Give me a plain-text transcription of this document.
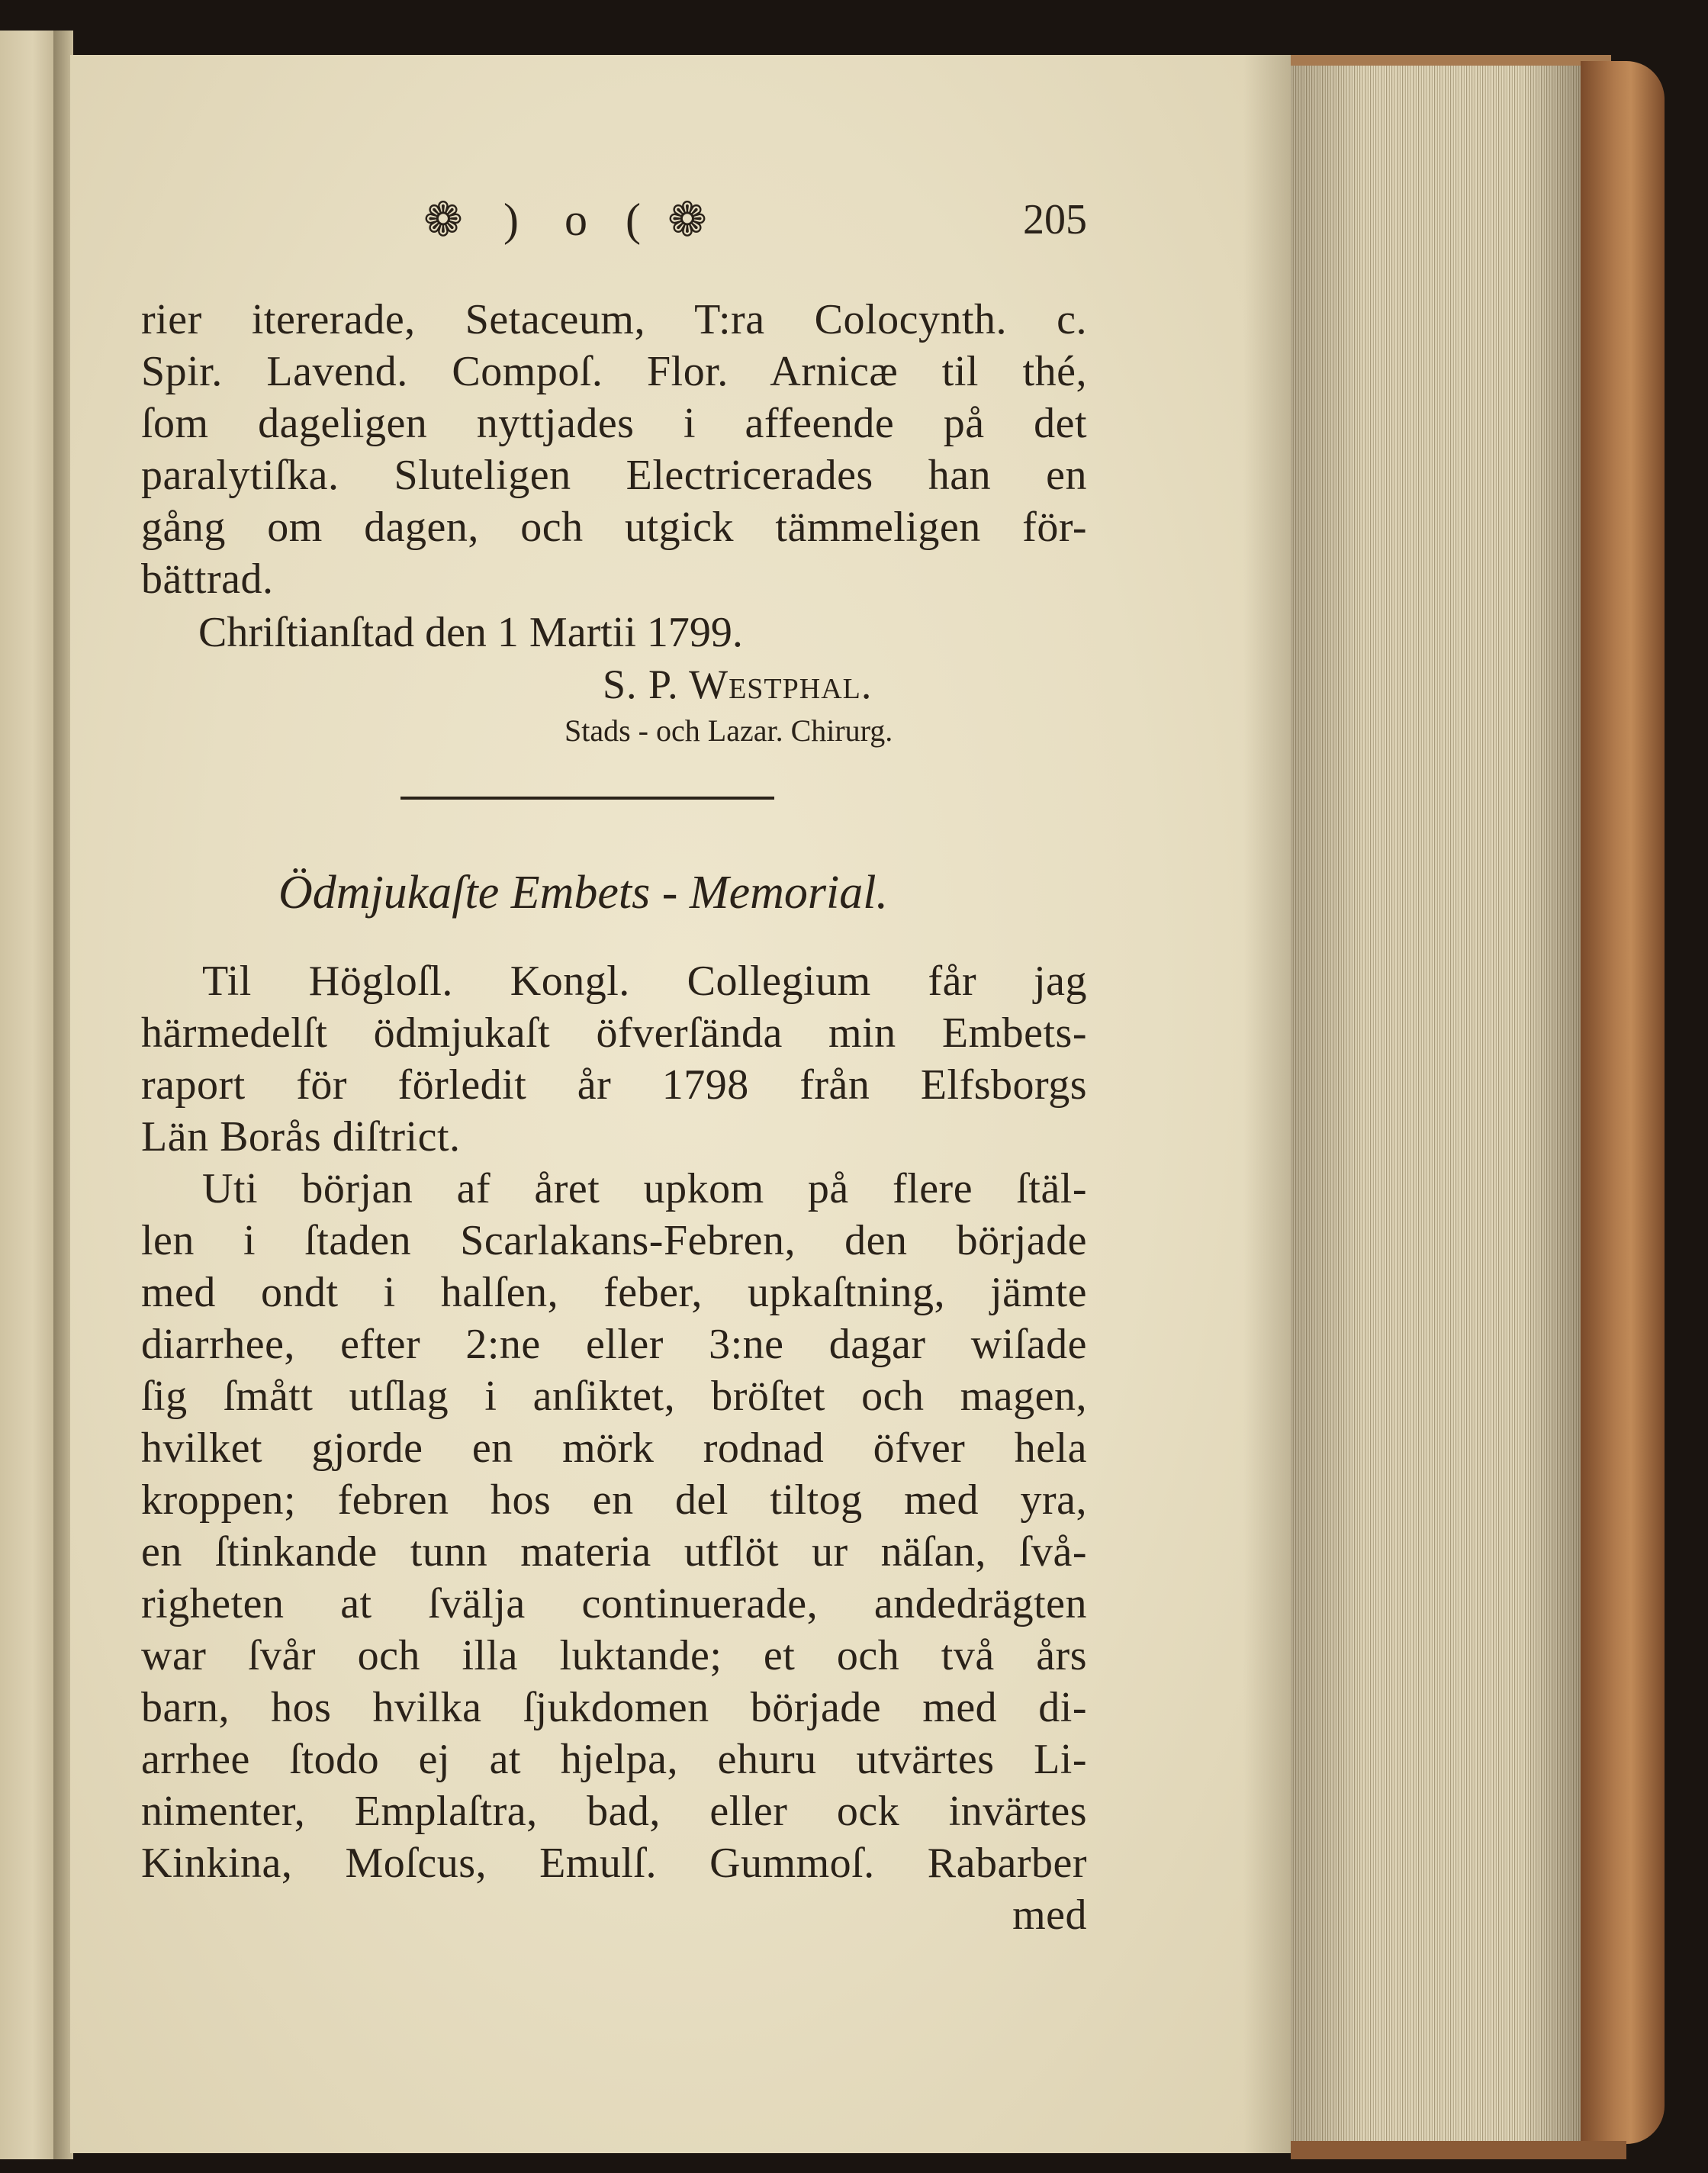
❁ ) o ( ❁	205
rier itererade, Setaceum, T:ra Colocynth. c.
Spir. Lavend. Compoſ. Flor. Arnicæ til thé,
ſom dageligen nyttjades i affeende på det
paralytiſka. Sluteligen Electricerades han en
gång om dagen, och utgick tämmeligen för-
bättrad.
Chriſtianſtad den 1 Martii 1799.
S. P. Westphal.
Stads - och Lazar. Chirurg.
Til Högloſl. Kongl. Collegium får jag
härmedelſt ödmjukaſt öfverſända min Embets-
raport för förledit år 1798 från Elfsborgs
Län Borås diſtrict.
Uti början af året upkom på flere ſtäl-
len i ſtaden Scarlakans-Febren, den började
med ondt i halſen, feber, upkaſtning, jämte
diarrhee, efter 2:ne eller 3:ne dagar wiſade
ſig ſmått utſlag i anſiktet, bröſtet och magen,
hvilket gjorde en mörk rodnad öfver hela
kroppen; febren hos en del tiltog med yra,
en ſtinkande tunn materia utflöt ur näſan, ſvå-
righeten at ſvälja continuerade, andedrägten
war ſvår och illa luktande; et och två års
barn, hos hvilka ſjukdomen började med di-
arrhee ſtodo ej at hjelpa, ehuru utvärtes Li-
nimenter, Emplaſtra, bad, eller ock invärtes
Kinkina, Moſcus, Emulſ. Gummoſ. Rabarber
med
Ödmjukaſte Embets - Memorial.
